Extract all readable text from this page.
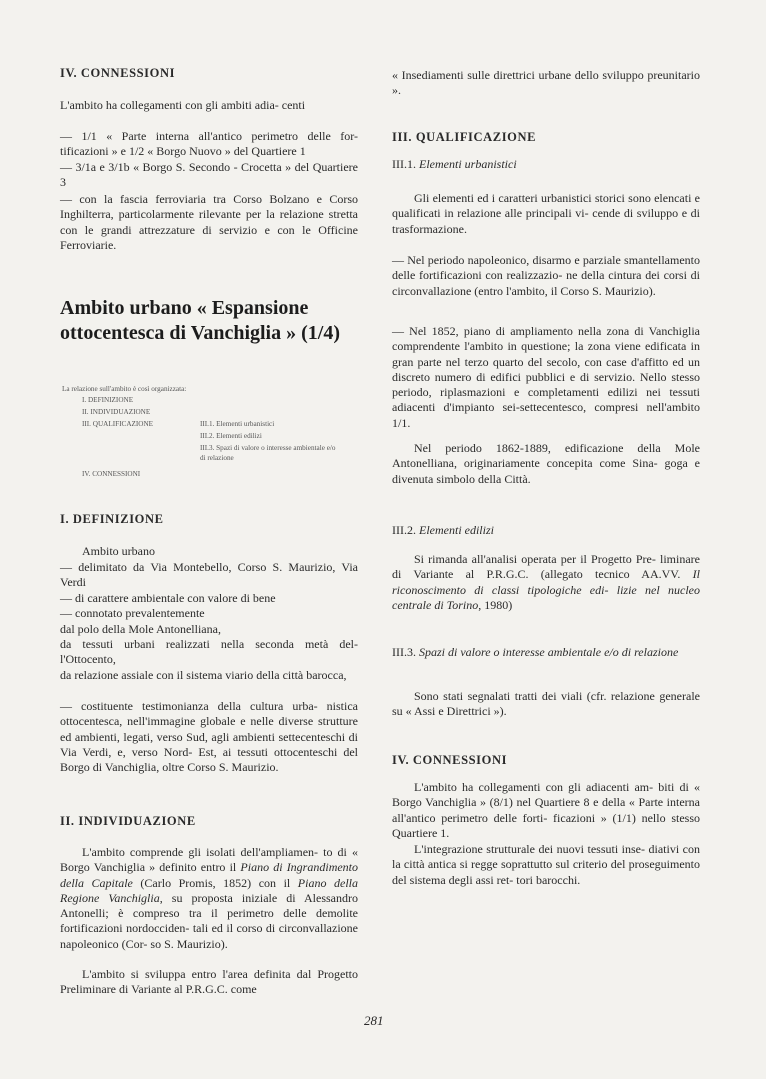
IV. CONNESSIONI

L'ambito ha collegamenti con gli ambiti adia- centi

— 1/1 « Parte interna all'antico perimetro delle for- tificazioni » e 1/2 « Borgo Nuovo » del Quartiere 1

— 3/1a e 3/1b « Borgo S. Secondo - Crocetta » del Quartiere 3

— con la fascia ferroviaria tra Corso Bolzano e Corso Inghilterra, particolarmente rilevante per la relazione stretta con le grandi attrezzature di servizio e con le Officine Ferroviarie.

Ambito urbano « Espansione ottocentesca di Vanchiglia » (1/4)

La relazione sull'ambito è così organizzata:

I. DEFINIZIONE

II. INDIVIDUAZIONE

III. QUALIFICAZIONE	III.1. Elementi urbanistici

III.2. Elementi edilizi

III.3. Spazi di valore o interesse ambientale e/o di relazione

IV. CONNESSIONI

I. DEFINIZIONE

Ambito urbano

— delimitato da Via Montebello, Corso S. Maurizio, Via Verdi

— di carattere ambientale con valore di bene

— connotato prevalentemente

dal polo della Mole Antonelliana,

da tessuti urbani realizzati nella seconda metà del- l'Ottocento,

da relazione assiale con il sistema viario della città barocca,

— costituente testimonianza della cultura urba- nistica ottocentesca, nell'immagine globale e nelle diverse strutture ed ambienti, legati, verso Sud, agli ambienti settecenteschi di Via Verdi, e, verso Nord- Est, ai tessuti ottocenteschi del Borgo di Vanchiglia, oltre Corso S. Maurizio.

II. INDIVIDUAZIONE

L'ambito comprende gli isolati dell'ampliamen- to di « Borgo Vanchiglia » definito entro il Piano di Ingrandimento della Capitale (Carlo Promis, 1852) con il Piano della Regione Vanchiglia, su proposta iniziale di Alessandro Antonelli; è compreso tra il perimetro delle demolite fortificazioni nordocciden- tali ed il corso di circonvallazione napoleonico (Cor- so S. Maurizio).

L'ambito si sviluppa entro l'area definita dal Progetto Preliminare di Variante al P.R.G.C. come

« Insediamenti sulle direttrici urbane dello sviluppo preunitario ».

III. QUALIFICAZIONE

III.1. Elementi urbanistici

Gli elementi ed i caratteri urbanistici storici sono elencati e qualificati in relazione alle principali vi- cende di sviluppo e di trasformazione.

— Nel periodo napoleonico, disarmo e parziale smantellamento delle fortificazioni con realizzazio- ne della cintura dei corsi di circonvallazione (entro l'ambito, il Corso S. Maurizio).

— Nel 1852, piano di ampliamento nella zona di Vanchiglia comprendente l'ambito in questione; la zona viene edificata in gran parte nel terzo quarto del secolo, con case d'affitto ed un discreto numero di edifici pubblici e di servizio. Nello stesso periodo, riplasmazioni e completamenti edilizi nei tessuti adiacenti d'impianto sei-settecentesco, compresi nell'ambito 1/1.

Nel periodo 1862-1889, edificazione della Mole Antonelliana, originariamente concepita come Sina- goga e divenuta simbolo della Città.

III.2. Elementi edilizi

Si rimanda all'analisi operata per il Progetto Pre- liminare di Variante al P.R.G.C. (allegato tecnico AA.VV. Il riconoscimento di classi tipologiche edi- lizie nel nucleo centrale di Torino, 1980)

III.3. Spazi di valore o interesse ambientale e/o di relazione

Sono stati segnalati tratti dei viali (cfr. relazione generale su « Assi e Direttrici »).

IV. CONNESSIONI

L'ambito ha collegamenti con gli adiacenti am- biti di « Borgo Vanchiglia » (8/1) nel Quartiere 8 e della « Parte interna all'antico perimetro delle forti- ficazioni » (1/1) nello stesso Quartiere 1.

L'integrazione strutturale dei nuovi tessuti inse- diativi con la città antica si regge soprattutto sul criterio del proseguimento del sistema degli assi ret- tori barocchi.

281
